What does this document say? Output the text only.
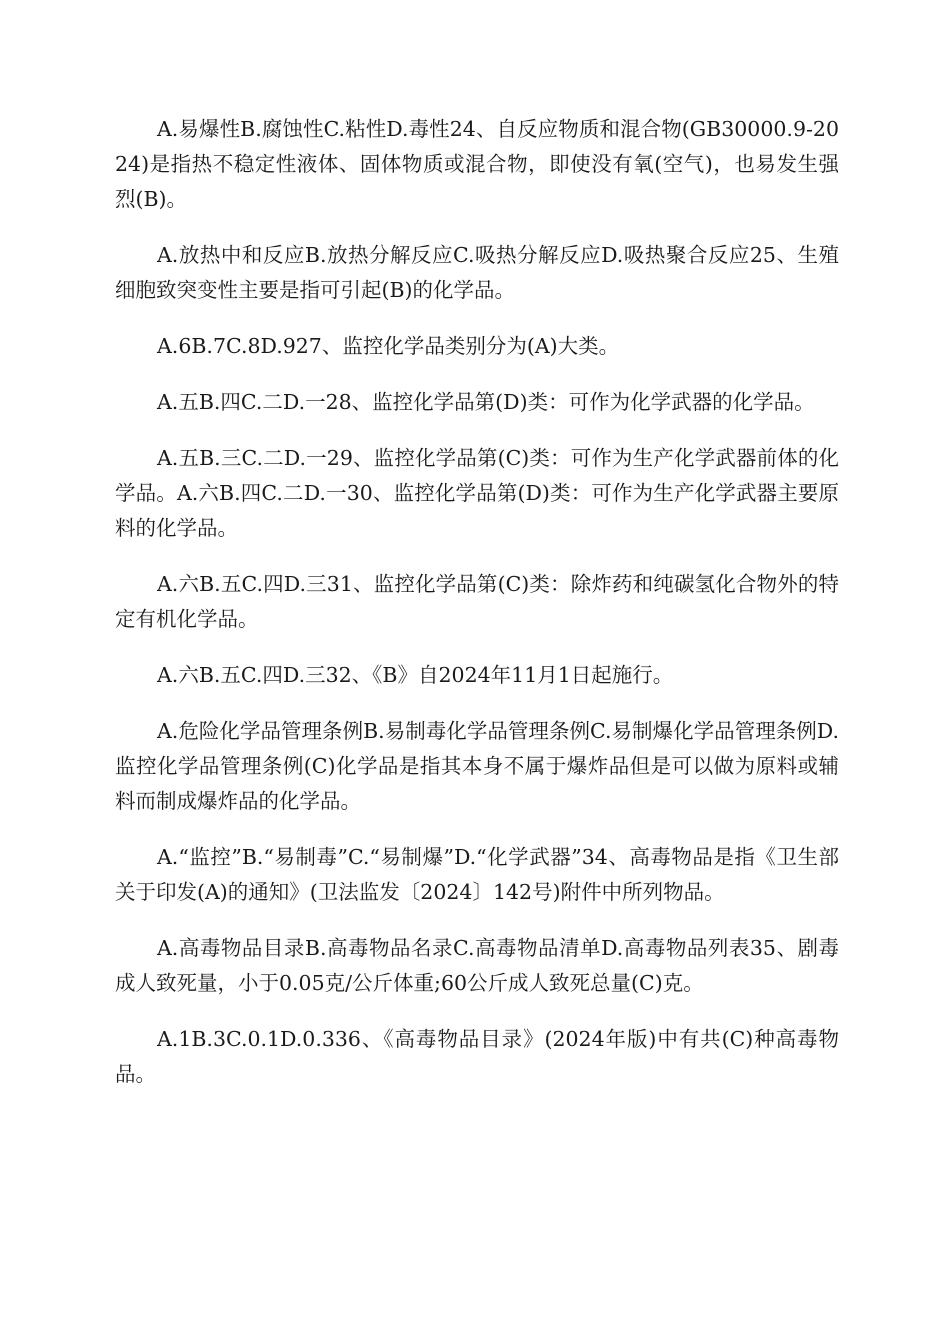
A.易爆性B.腐蚀性C.粘性D.毒性24、自反应物质和混合物(GB30000.9-2024)是指热不稳定性液体、固体物质或混合物，即使没有氧(空气)，也易发生强烈(B)。

A.放热中和反应B.放热分解反应C.吸热分解反应D.吸热聚合反应25、生殖细胞致突变性主要是指可引起(B)的化学品。

A.6B.7C.8D.927、监控化学品类别分为(A)大类。

A.五B.四C.二D.一28、监控化学品第(D)类：可作为化学武器的化学品。

A.五B.三C.二D.一29、监控化学品第(C)类：可作为生产化学武器前体的化学品。A.六B.四C.二D.一30、监控化学品第(D)类：可作为生产化学武器主要原料的化学品。

A.六B.五C.四D.三31、监控化学品第(C)类：除炸药和纯碳氢化合物外的特定有机化学品。

A.六B.五C.四D.三32、《B》自2024年11月1日起施行。

A.危险化学品管理条例B.易制毒化学品管理条例C.易制爆化学品管理条例D.监控化学品管理条例(C)化学品是指其本身不属于爆炸品但是可以做为原料或辅料而制成爆炸品的化学品。

A.“监控”B.“易制毒”C.“易制爆”D.“化学武器”34、高毒物品是指《卫生部关于印发(A)的通知》(卫法监发〔2024〕142号)附件中所列物品。

A.高毒物品目录B.高毒物品名录C.高毒物品清单D.高毒物品列表35、剧毒成人致死量，小于0.05克/公斤体重;60公斤成人致死总量(C)克。

A.1B.3C.0.1D.0.336、《高毒物品目录》(2024年版)中有共(C)种高毒物品。
